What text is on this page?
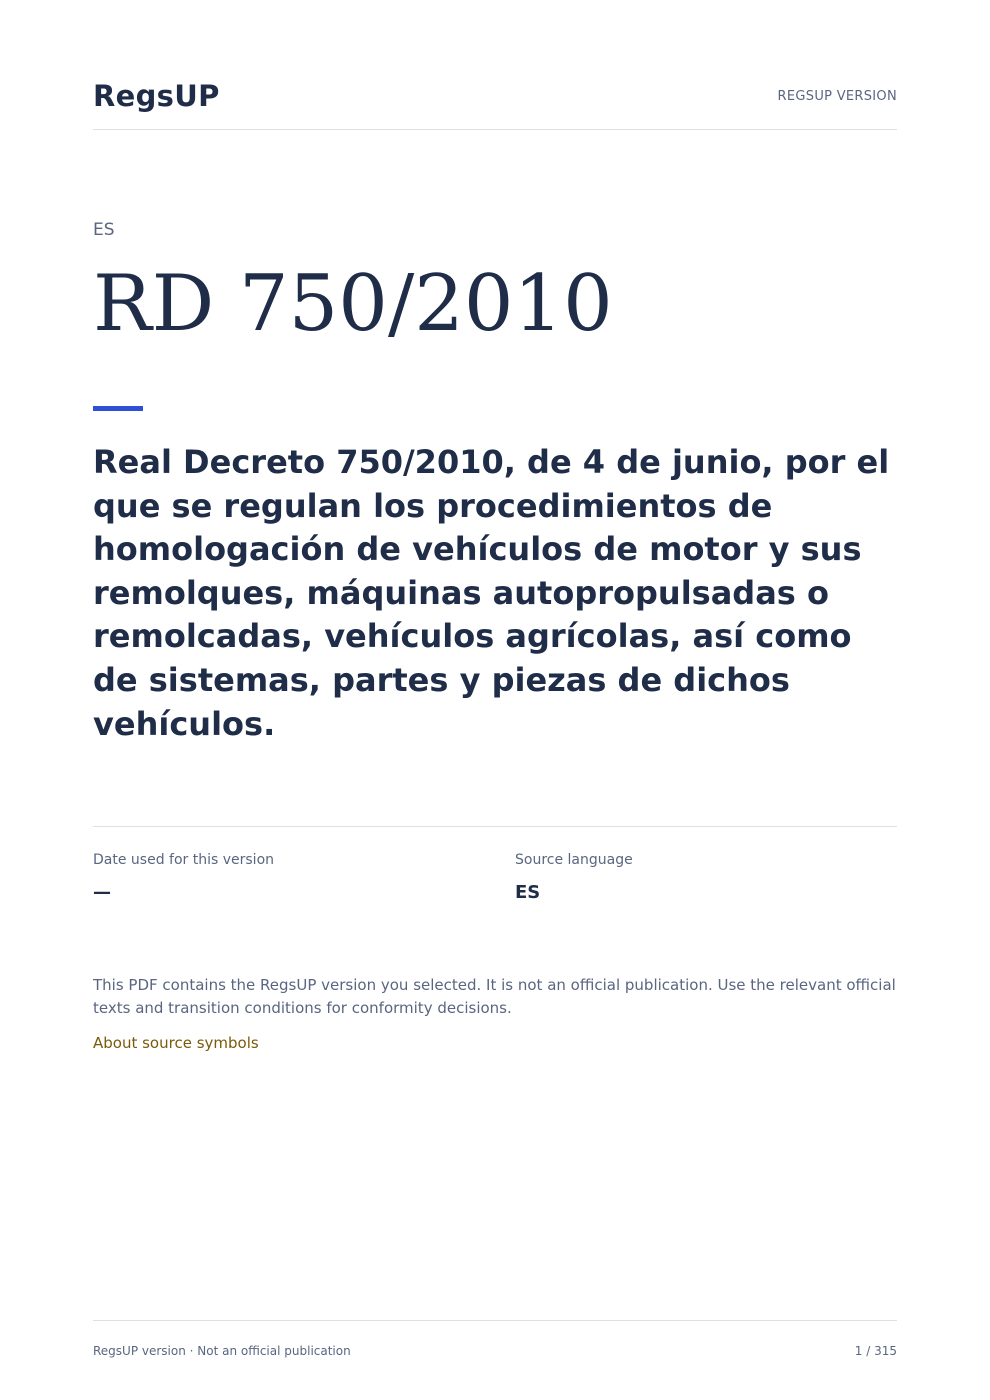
RegsUP	REGSUP VERSION
ES
RD 750/2010
Real Decreto 750/2010, de 4 de junio, por el que se regulan los procedimientos de homologación de vehículos de motor y sus remolques, máquinas autopropulsadas o remolcadas, vehículos agrícolas, así como de sistemas, partes y piezas de dichos vehículos.
Date used for this version
—
Source language
ES

This PDF contains the RegsUP version you selected. It is not an official publication. Use the relevant official texts and transition conditions for conformity decisions.

About source symbols
RegsUP version · Not an official publication	1 / 315
